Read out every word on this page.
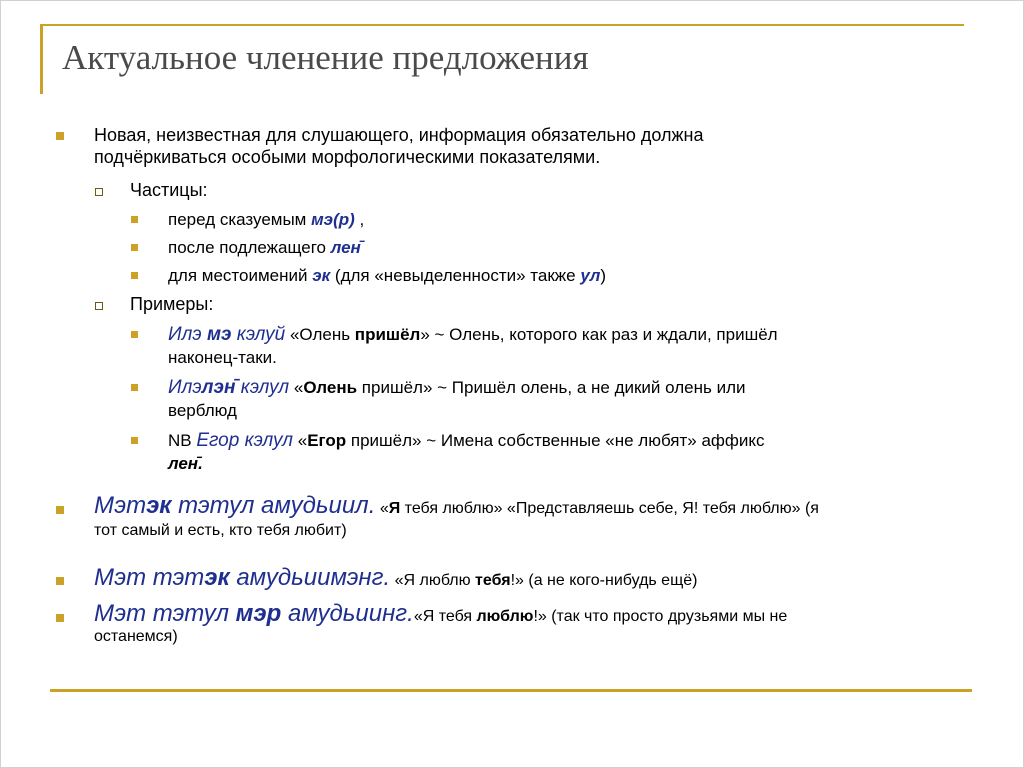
Актуальное членение предложения
Новая, неизвестная для слушающего, информация обязательно должна
подчёркиваться особыми морфологическими показателями.
Частицы:
перед сказуемым мэ(р) ,
после подлежащего лен̄
для местоимений эк (для «невыделенности» также ул)
Примеры:
Илэ мэ кэлуй «Олень пришёл» ~ Олень, которого как раз и ждали, пришёл
наконец-таки.
Илэлэн̄ кэлул «Олень пришёл» ~ Пришёл олень, а не дикий олень или
верблюд
NB Егор кэлул «Егор пришёл» ~ Имена собственные «не любят» аффикс
лен̄.
Мэтэк тэтул амудьиил. «Я тебя люблю» «Представляешь себе, Я! тебя люблю» (я
тот самый и есть, кто тебя любит)
Мэт тэтэк амудьиимэнг. «Я люблю тебя!» (а не кого-нибудь ещё)
Мэт тэтул мэр амудьиинг.«Я тебя люблю!» (так что просто друзьями мы не
останемся)
